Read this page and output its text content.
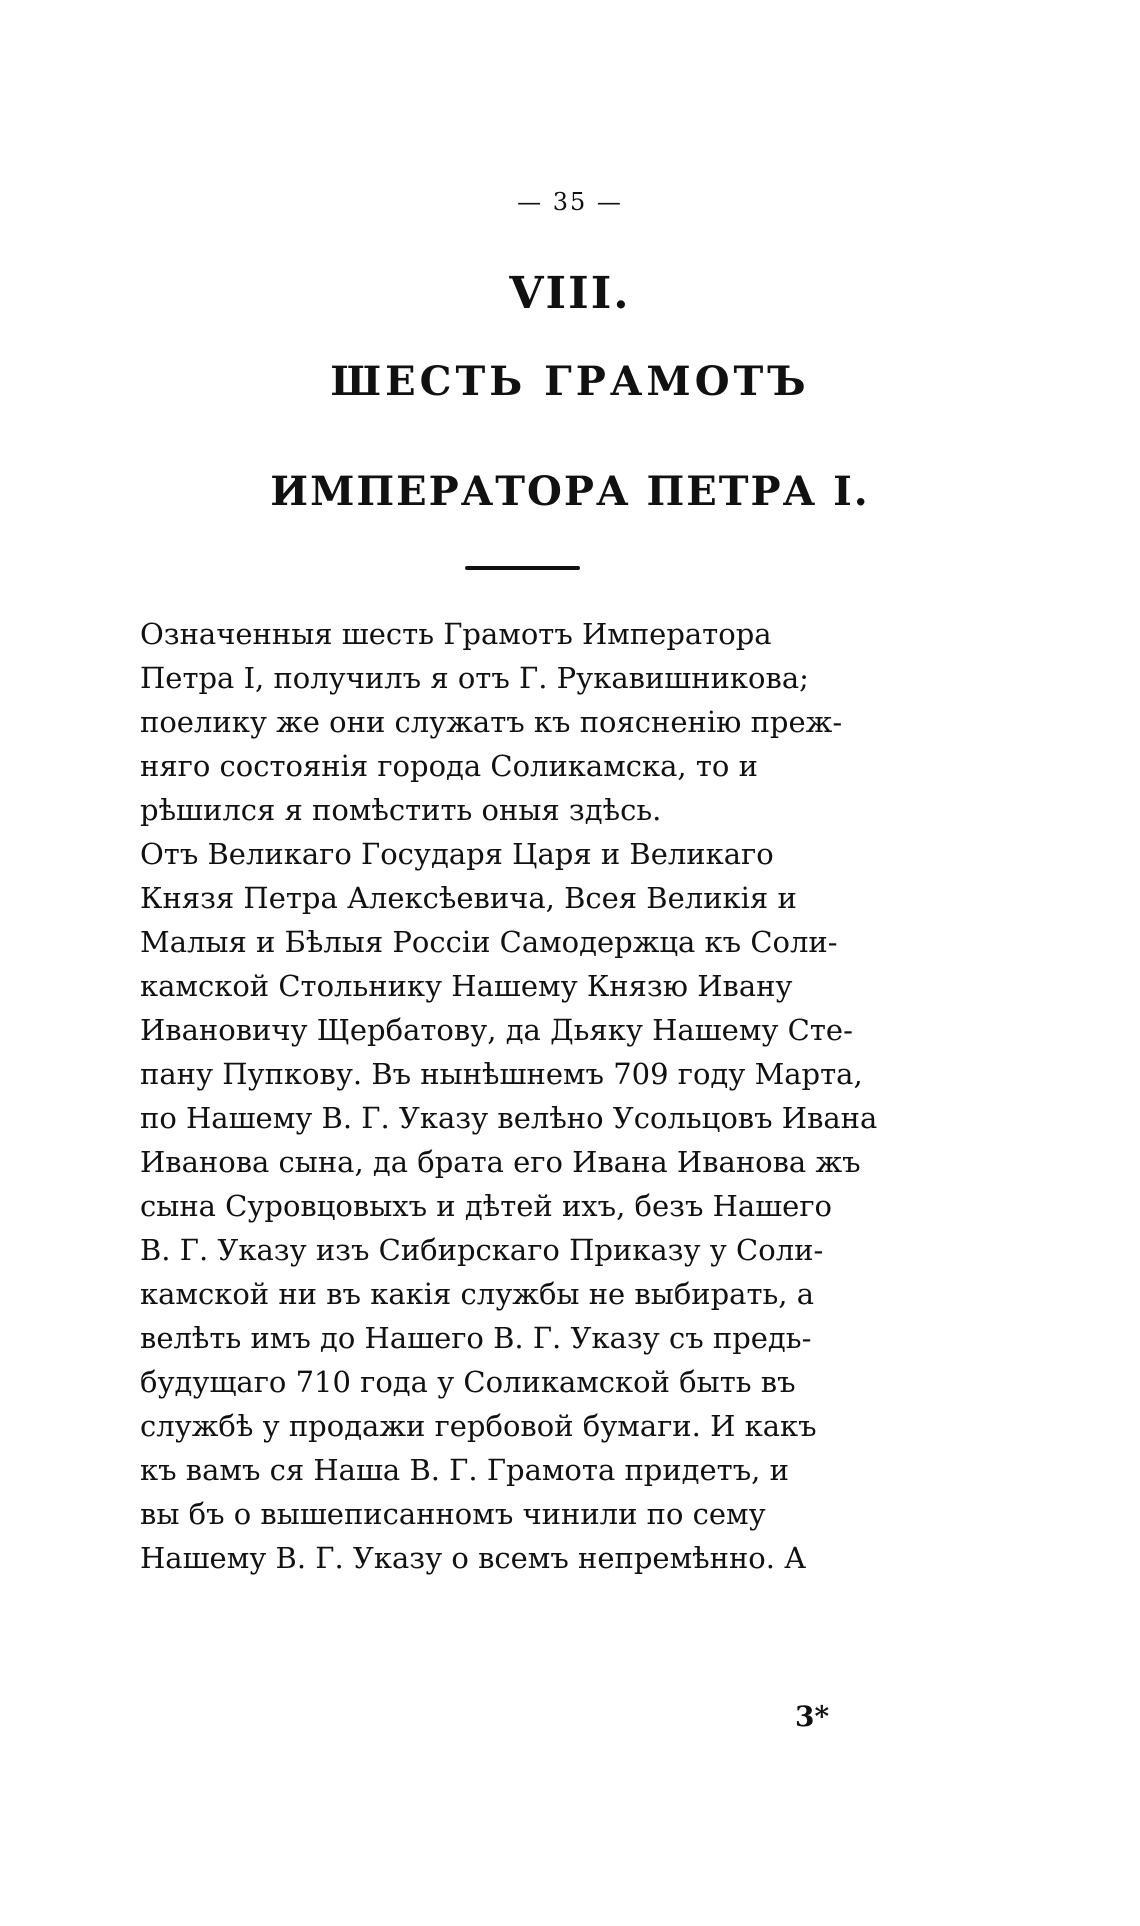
— 35 —
VIII.
ШЕСТЬ ГРАМОТЪ
ИМПЕРАТОРА ПЕТРА I.
Означенныя шесть Грамотъ Императора
Петра I, получилъ я отъ Г. Рукавишникова;
поелику же они служатъ къ поясненію преж-
няго состоянія города Соликамска, то и
рѣшился я помѣстить оныя здѣсь.
Отъ Великаго Государя Царя и Великаго
Князя Петра Алексѣевича, Всея Великія и
Малыя и Бѣлыя Россіи Самодержца къ Соли-
камской Стольнику Нашему Князю Ивану
Ивановичу Щербатову, да Дьяку Нашему Сте-
пану Пупкову. Въ нынѣшнемъ 709 году Марта,
по Нашему В. Г. Указу велѣно Усольцовъ Ивана
Иванова сына, да брата его Ивана Иванова жъ
сына Суровцовыхъ и дѣтей ихъ, безъ Нашего
В. Г. Указу изъ Сибирскаго Приказу у Соли-
камской ни въ какія службы не выбирать, а
велѣть имъ до Нашего В. Г. Указу съ предь-
будущаго 710 года у Соликамской быть въ
службѣ у продажи гербовой бумаги. И какъ
къ вамъ ся Наша В. Г. Грамота придетъ, и
вы бъ о вышеписанномъ чинили по сему
Нашему В. Г. Указу о всемъ непремѣнно. А
3*
